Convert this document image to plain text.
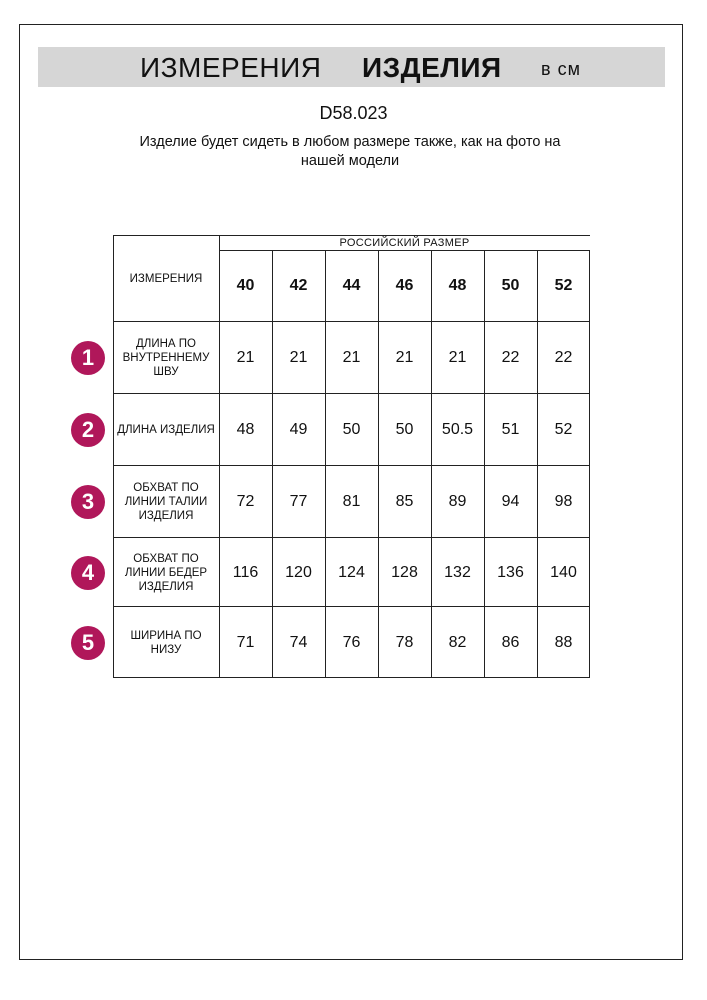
ИЗМЕРЕНИЯ ИЗДЕЛИЯ в см
D58.023
Изделие будет сидеть в любом размере также, как на фото на
нашей модели
РОССИЙСКИЙ РАЗМЕР
ИЗМЕРЕНИЯ	40	42	44	46	48	50	52
ДЛИНА ПО
ВНУТРЕННЕМУ
ШВУ
21	21	21	21	21	22	22
ДЛИНА ИЗДЕЛИЯ	48	49	50	50	50.5	51	52
ОБХВАТ ПО
ЛИНИИ ТАЛИИ
ИЗДЕЛИЯ
72	77	81	85	89	94	98
ОБХВАТ ПО
ЛИНИИ БЕДЕР
ИЗДЕЛИЯ
116	120	124	128	132	136	140
ШИРИНА ПО
НИЗУ	71	74	76	78	82	86	88
1
2
3
4
5
